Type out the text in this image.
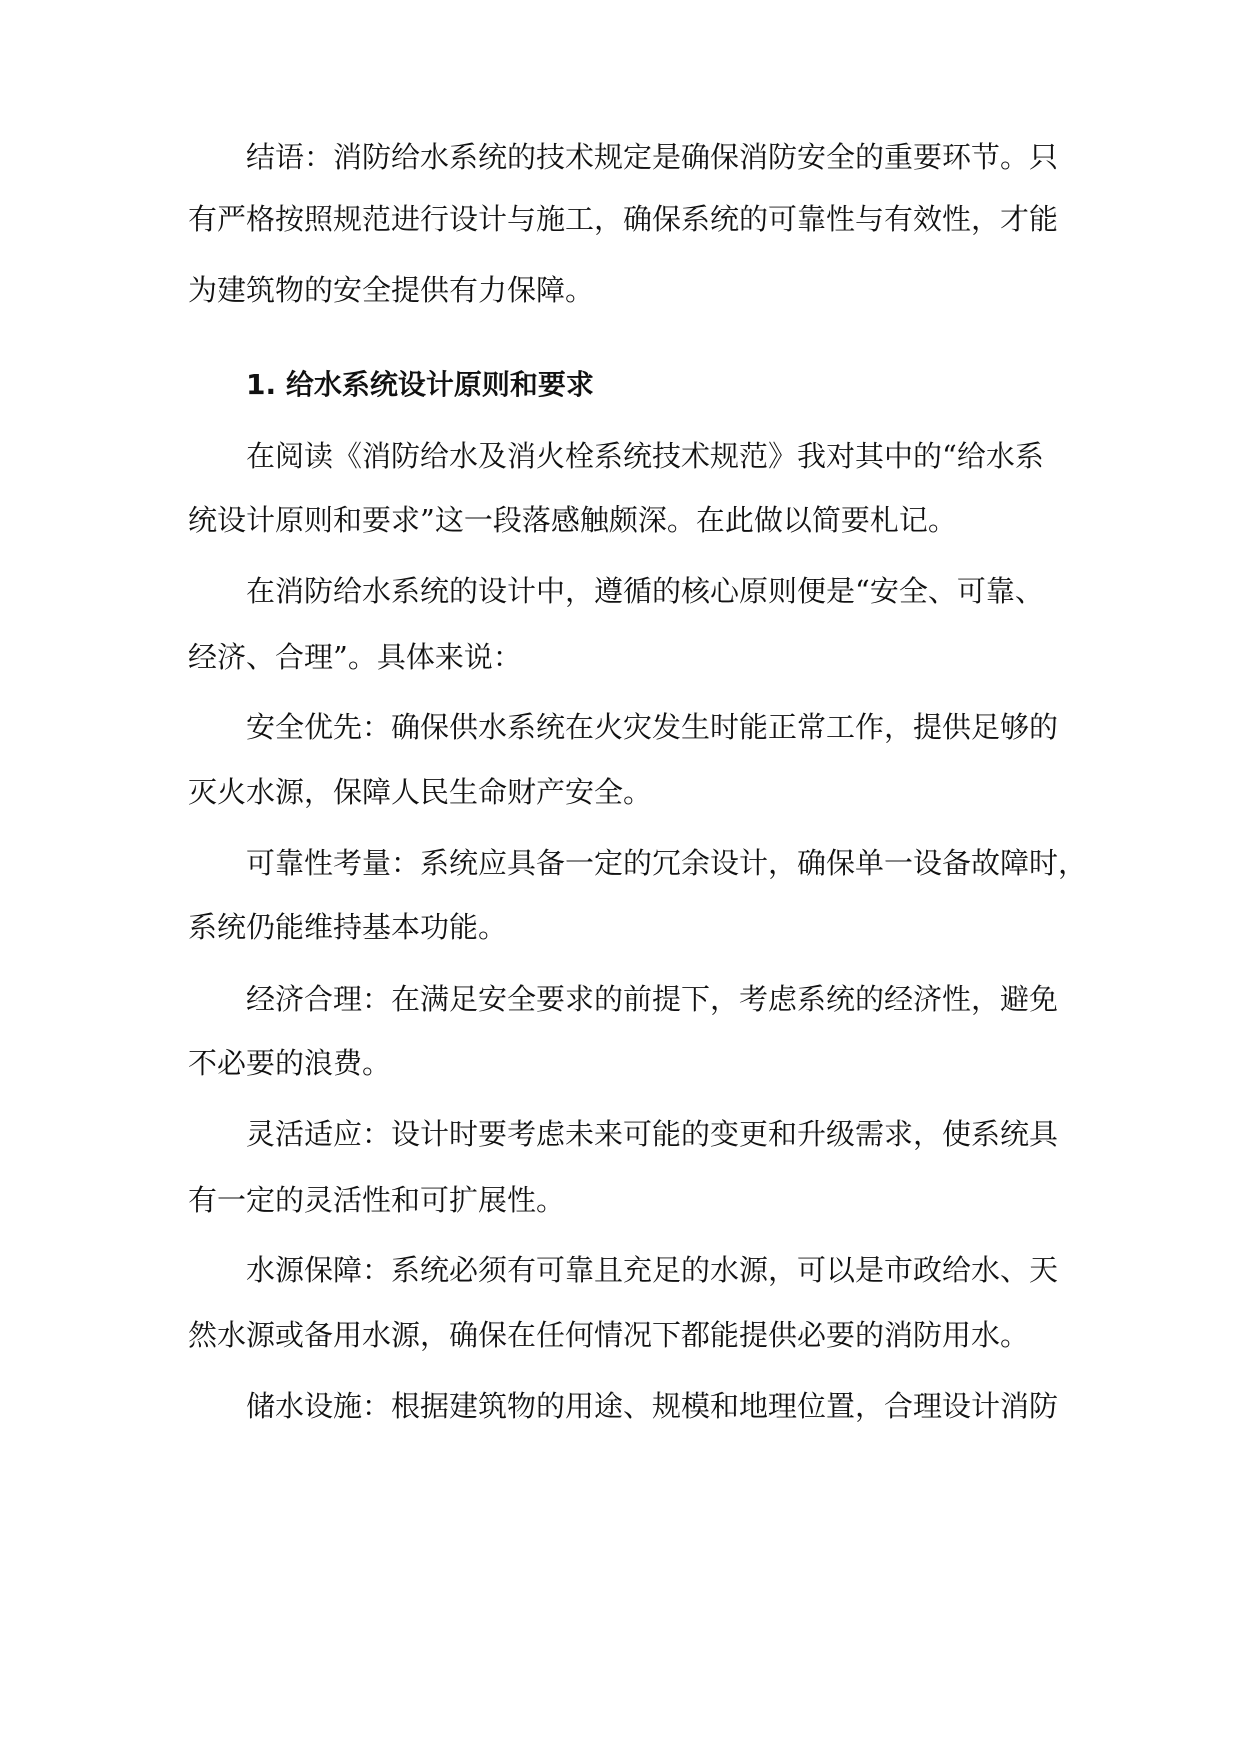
结语：消防给水系统的技术规定是确保消防安全的重要环节。只
有严格按照规范进行设计与施工，确保系统的可靠性与有效性，才能
为建筑物的安全提供有力保障。
1. 给水系统设计原则和要求
在阅读《消防给水及消火栓系统技术规范》我对其中的“给水系
统设计原则和要求”这一段落感触颇深。在此做以简要札记。
在消防给水系统的设计中，遵循的核心原则便是“安全、可靠、
经济、合理”。具体来说：
安全优先：确保供水系统在火灾发生时能正常工作，提供足够的
灭火水源，保障人民生命财产安全。
可靠性考量：系统应具备一定的冗余设计，确保单一设备故障时，
系统仍能维持基本功能。
经济合理：在满足安全要求的前提下，考虑系统的经济性，避免
不必要的浪费。
灵活适应：设计时要考虑未来可能的变更和升级需求，使系统具
有一定的灵活性和可扩展性。
水源保障：系统必须有可靠且充足的水源，可以是市政给水、天
然水源或备用水源，确保在任何情况下都能提供必要的消防用水。
储水设施：根据建筑物的用途、规模和地理位置，合理设计消防
